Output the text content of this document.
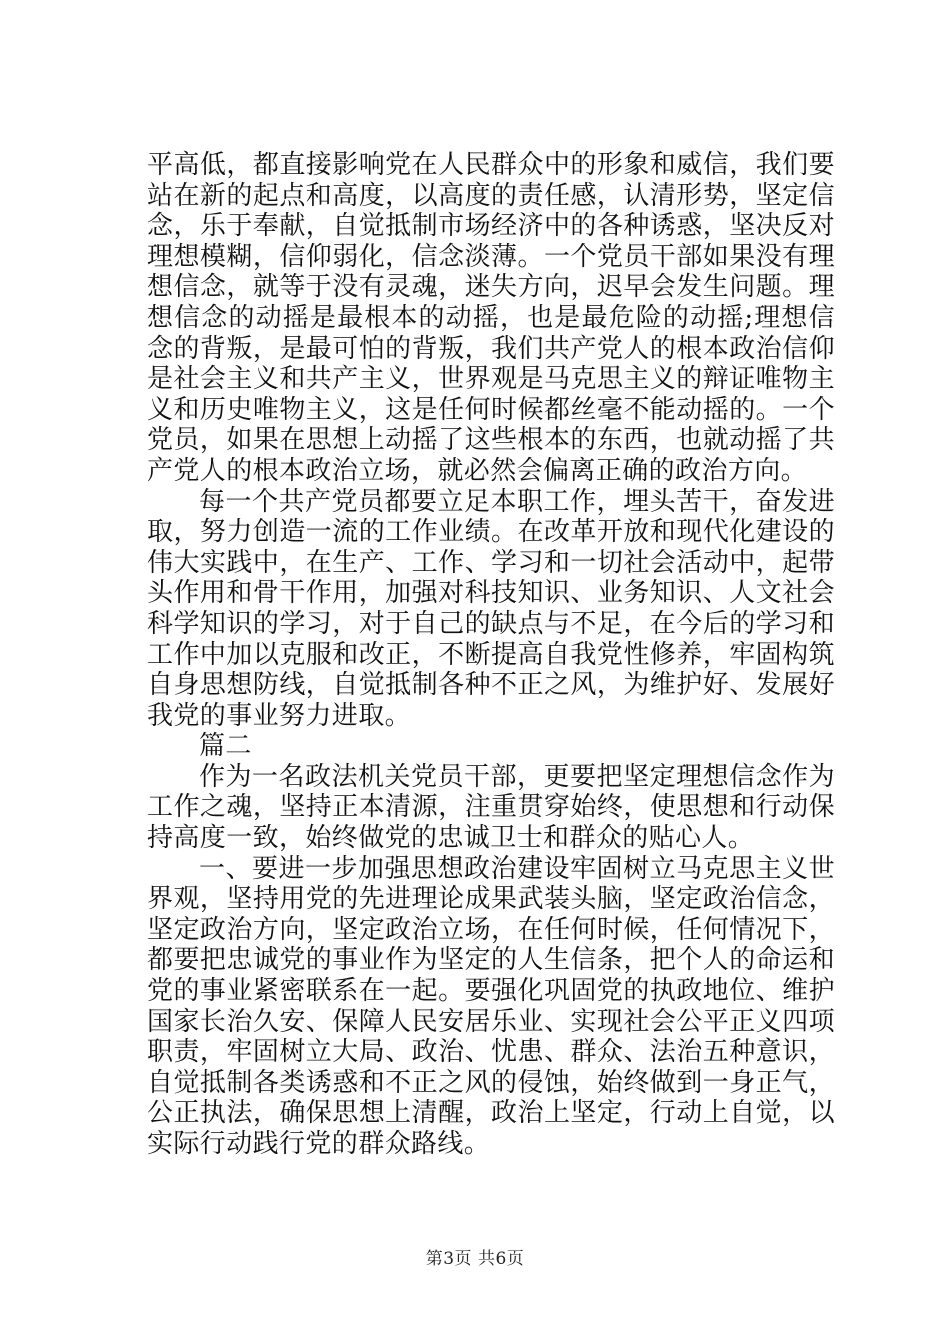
平高低，都直接影响党在人民群众中的形象和威信，我们要站在新的起点和高度，以高度的责任感，认清形势，坚定信念，乐于奉献，自觉抵制市场经济中的各种诱惑，坚决反对理想模糊，信仰弱化，信念淡薄。一个党员干部如果没有理想信念，就等于没有灵魂，迷失方向，迟早会发生问题。理想信念的动摇是最根本的动摇，也是最危险的动摇;理想信念的背叛，是最可怕的背叛，我们共产党人的根本政治信仰是社会主义和共产主义，世界观是马克思主义的辩证唯物主义和历史唯物主义，这是任何时候都丝毫不能动摇的。一个党员，如果在思想上动摇了这些根本的东西，也就动摇了共产党人的根本政治立场，就必然会偏离正确的政治方向。

每一个共产党员都要立足本职工作，埋头苦干，奋发进取，努力创造一流的工作业绩。在改革开放和现代化建设的伟大实践中，在生产、工作、学习和一切社会活动中，起带头作用和骨干作用，加强对科技知识、业务知识、人文社会科学知识的学习，对于自己的缺点与不足，在今后的学习和工作中加以克服和改正，不断提高自我党性修养，牢固构筑自身思想防线，自觉抵制各种不正之风，为维护好、发展好我党的事业努力进取。

篇二

作为一名政法机关党员干部，更要把坚定理想信念作为工作之魂，坚持正本清源，注重贯穿始终，使思想和行动保持高度一致，始终做党的忠诚卫士和群众的贴心人。

一、要进一步加强思想政治建设牢固树立马克思主义世界观，坚持用党的先进理论成果武装头脑，坚定政治信念，坚定政治方向，坚定政治立场，在任何时候，任何情况下，都要把忠诚党的事业作为坚定的人生信条，把个人的命运和党的事业紧密联系在一起。要强化巩固党的执政地位、维护国家长治久安、保障人民安居乐业、实现社会公平正义四项职责，牢固树立大局、政治、忧患、群众、法治五种意识，自觉抵制各类诱惑和不正之风的侵蚀，始终做到一身正气，公正执法，确保思想上清醒，政治上坚定，行动上自觉，以实际行动践行党的群众路线。

第3页 共6页
